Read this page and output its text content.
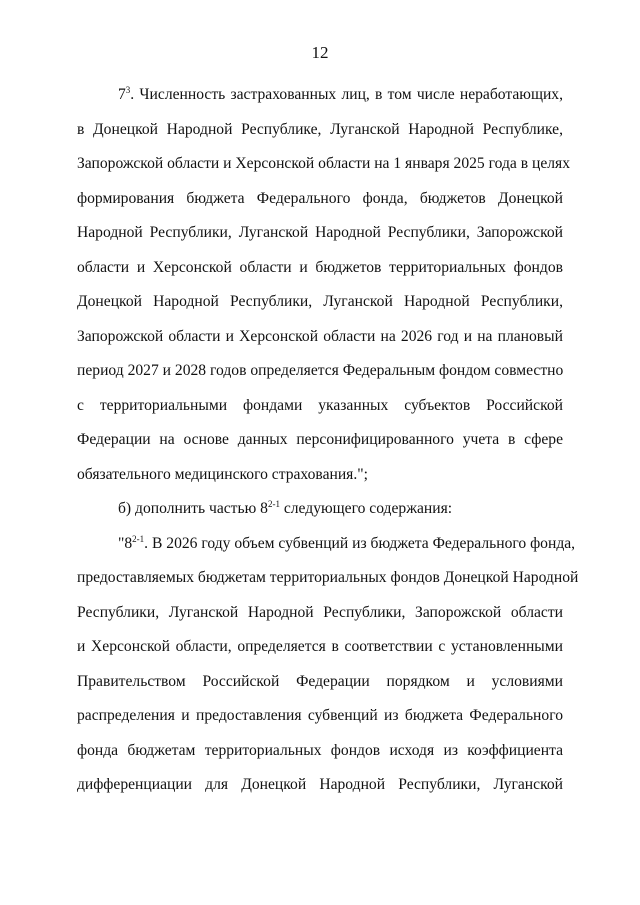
12
$7^3$. Численность застрахованных лиц, в том числе неработающих,
в Донецкой Народной Республике, Луганской Народной Республике,
Запорожской области и Херсонской области на 1 января 2025 года в целях
формирования бюджета Федерального фонда, бюджетов Донецкой
Народной Республики, Луганской Народной Республики, Запорожской
области и Херсонской области и бюджетов территориальных фондов
Донецкой Народной Республики, Луганской Народной Республики,
Запорожской области и Херсонской области на 2026 год и на плановый
период 2027 и 2028 годов определяется Федеральным фондом совместно
с территориальными фондами указанных субъектов Российской
Федерации на основе данных персонифицированного учета в сфере
обязательного медицинского страхования.";
б) дополнить частью 8$^{2-1}$ следующего содержания:
"8$^{2-1}$. В 2026 году объем субвенций из бюджета Федерального фонда,
предоставляемых бюджетам территориальных фондов Донецкой Народной
Республики, Луганской Народной Республики, Запорожской области
и Херсонской области, определяется в соответствии с установленными
Правительством Российской Федерации порядком и условиями
распределения и предоставления субвенций из бюджета Федерального
фонда бюджетам территориальных фондов исходя из коэффициента
дифференциации для Донецкой Народной Республики, Луганской
